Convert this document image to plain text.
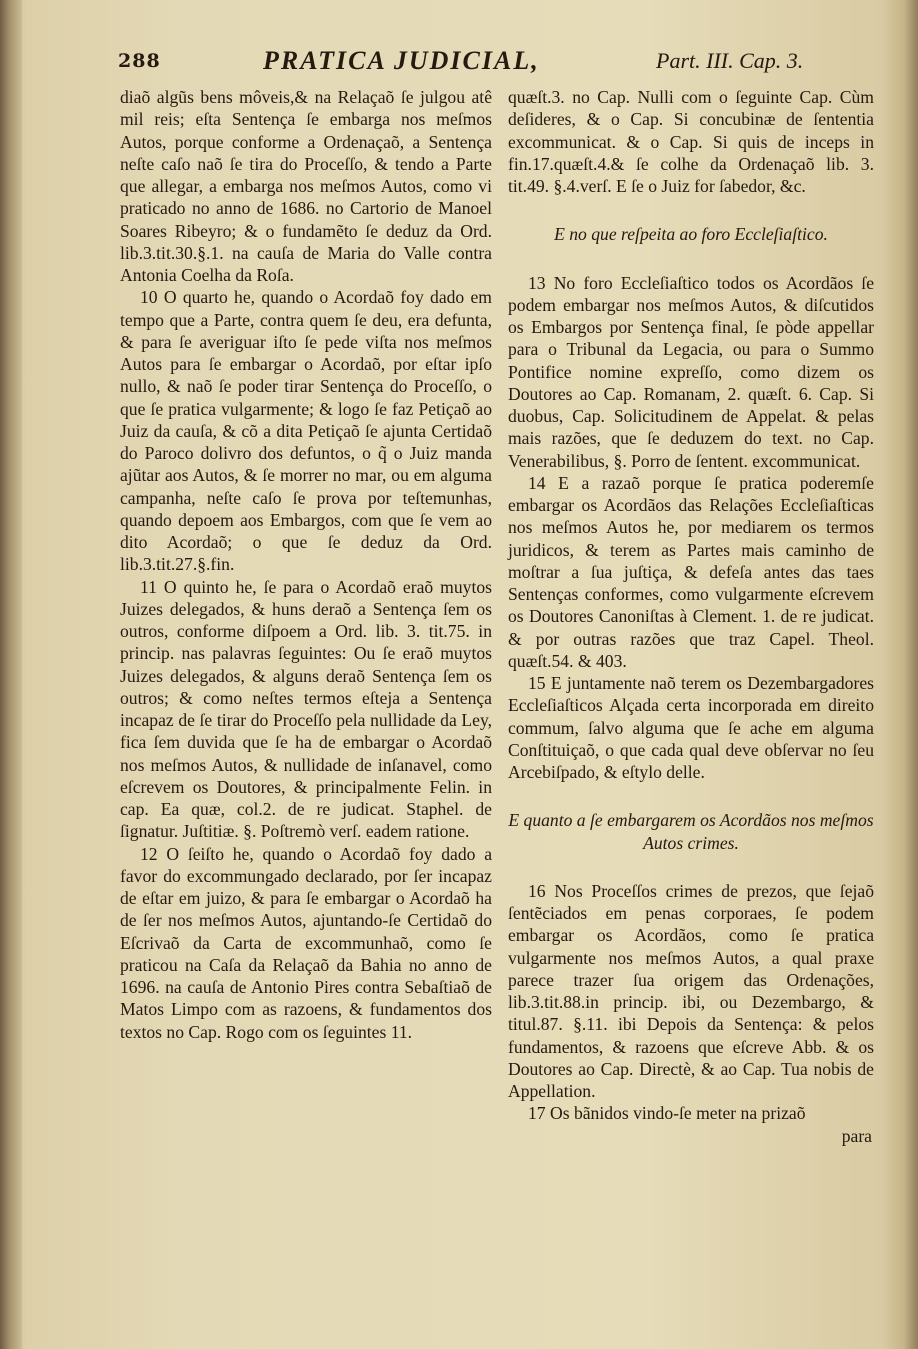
288	PRATICA JUDICIAL,	Part. III. Cap. 3.

diaõ algũs bens môveis,& na Relaçaõ ſe julgou atê mil reis; eſta Sentença ſe embarga nos meſmos Autos, porque conforme a Ordenaçaõ, a Sentença neſte caſo naõ ſe tira do Proceſſo, & tendo a Parte que allegar, a embarga nos meſmos Autos, como vi praticado no anno de 1686. no Cartorio de Manoel Soares Ribeyro; & o fundamẽto ſe deduz da Ord. lib.3.tit.30.§.1. na cauſa de Maria do Valle contra Antonia Coelha da Roſa.

10 O quarto he, quando o Acordaõ foy dado em tempo que a Parte, contra quem ſe deu, era defunta, & para ſe averiguar iſto ſe pede viſta nos meſmos Autos para ſe embargar o Acordaõ, por eſtar ipſo nullo, & naõ ſe poder tirar Sentença do Proceſſo, o que ſe pratica vulgarmente; & logo ſe faz Petiçaõ ao Juiz da cauſa, & cõ a dita Petiçaõ ſe ajunta Certidaõ do Paroco dolivro dos defuntos, o q̃ o Juiz manda ajũtar aos Autos, & ſe morrer no mar, ou em alguma campanha, neſte caſo ſe prova por teſtemunhas, quando depoem aos Embargos, com que ſe vem ao dito Acordaõ; o que ſe deduz da Ord. lib.3.tit.27.§.fin.

11 O quinto he, ſe para o Acordaõ eraõ muytos Juizes delegados, & huns deraõ a Sentença ſem os outros, conforme diſpoem a Ord. lib. 3. tit.75. in princip. nas palavras ſeguintes: Ou ſe eraõ muytos Juizes delegados, & alguns deraõ Sentença ſem os outros; & como neſtes termos eſteja a Sentença incapaz de ſe tirar do Proceſſo pela nullidade da Ley, fica ſem duvida que ſe ha de embargar o Acordaõ nos meſmos Autos, & nullidade de inſanavel, como eſcrevem os Doutores, & principalmente Felin. in cap. Ea quæ, col.2. de re judicat. Staphel. de ſignatur. Juſtitiæ. §. Poſtremò verſ. eadem ratione.

12 O ſeiſto he, quando o Acordaõ foy dado a favor do excommungado declarado, por ſer incapaz de eſtar em juizo, & para ſe embargar o Acordaõ ha de ſer nos meſmos Autos, ajuntando-ſe Certidaõ do Eſcrivaõ da Carta de excommunhaõ, como ſe praticou na Caſa da Relaçaõ da Bahia no anno de 1696. na cauſa de Antonio Pires contra Sebaſtiaõ de Matos Limpo com as razoens, & fundamentos dos textos no Cap. Rogo com os ſeguintes 11.

quæſt.3. no Cap. Nulli com o ſeguinte Cap. Cùm deſideres, & o Cap. Si concubinæ de ſententia excommunicat. & o Cap. Si quis de inceps in fin.17.quæſt.4.& ſe colhe da Ordenaçaõ lib. 3. tit.49. §.4.verſ. E ſe o Juiz for ſabedor, &c.

E no que reſpeita ao foro Eccleſiaſtico.

13 No foro Eccleſiaſtico todos os Acordãos ſe podem embargar nos meſmos Autos, & diſcutidos os Embargos por Sentença final, ſe pòde appellar para o Tribunal da Legacia, ou para o Summo Pontifice nomine expreſſo, como dizem os Doutores ao Cap. Romanam, 2. quæſt. 6. Cap. Si duobus, Cap. Solicitudinem de Appelat. & pelas mais razões, que ſe deduzem do text. no Cap. Venerabilibus, §. Porro de ſentent. excommunicat.

14 E a razaõ porque ſe pratica poderemſe embargar os Acordãos das Relações Eccleſiaſticas nos meſmos Autos he, por mediarem os termos juridicos, & terem as Partes mais caminho de moſtrar a ſua juſtiça, & defeſa antes das taes Sentenças conformes, como vulgarmente eſcrevem os Doutores Canoniſtas à Clement. 1. de re judicat. & por outras razões que traz Capel. Theol. quæſt.54. & 403.

15 E juntamente naõ terem os Dezembargadores Eccleſiaſticos Alçada certa incorporada em direito commum, ſalvo alguma que ſe ache em alguma Conſtituiçaõ, o que cada qual deve obſervar no ſeu Arcebiſpado, & eſtylo delle.

E quanto a ſe embargarem os Acordãos nos meſmos Autos crimes.

16 Nos Proceſſos crimes de prezos, que ſejaõ ſentẽciados em penas corporaes, ſe podem embargar os Acordãos, como ſe pratica vulgarmente nos meſmos Autos, a qual praxe parece trazer ſua origem das Ordenações, lib.3.tit.88.in princip. ibi, ou Dezembargo, & titul.87. §.11. ibi Depois da Sentença: & pelos fundamentos, & razoens que eſcreve Abb. & os Doutores ao Cap. Directè, & ao Cap. Tua nobis de Appellation.

17 Os bãnidos vindo-ſe meter na prizaõ

para
